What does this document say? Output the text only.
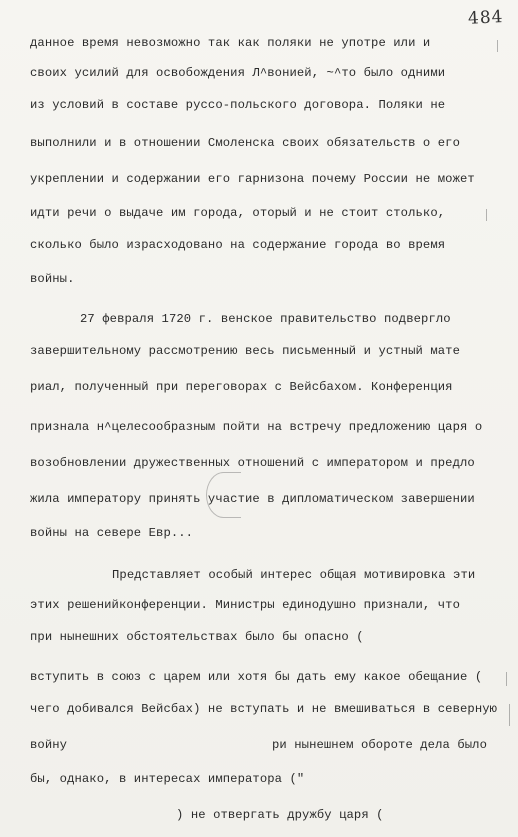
484
данное время невозможно так как поляки не употре или и
своих усилий для освобождения Л^вонией, ~^то было одними
из условий в составе руссо-польского договора. Поляки не
выполнили и в отношении Смоленска своих обязательств о его
укреплении и содержании его гарнизона почему России не может
идти речи о выдаче им города, оторый и не стоит столько,
сколько было израсходовано на содержание города во время
войны.
27 февраля 1720 г. венское правительство подвергло
завершительному рассмотрению весь письменный и устный мате
риал, полученный при переговорах с Вейсбахом. Конференция
признала н^целесообразным пойти на встречу предложению царя о
возобновлении дружественных отношений с императором и предло
жила императору принять участие в дипломатическом завершении
войны на севере Евр...
Представляет особый интерес общая мотивировка эти
этих решенийконференции. Министры единодушно признали, что
при нынешних обстоятельствах было бы опасно (
вступить в союз с царем или хотя бы дать ему какое обещание (
чего добивался Вейсбах) не вступать и не вмешиваться в северную
войну	ри нынешнем обороте дела было
бы, однако, в интересах императора ("
) не отвергать дружбу царя (
